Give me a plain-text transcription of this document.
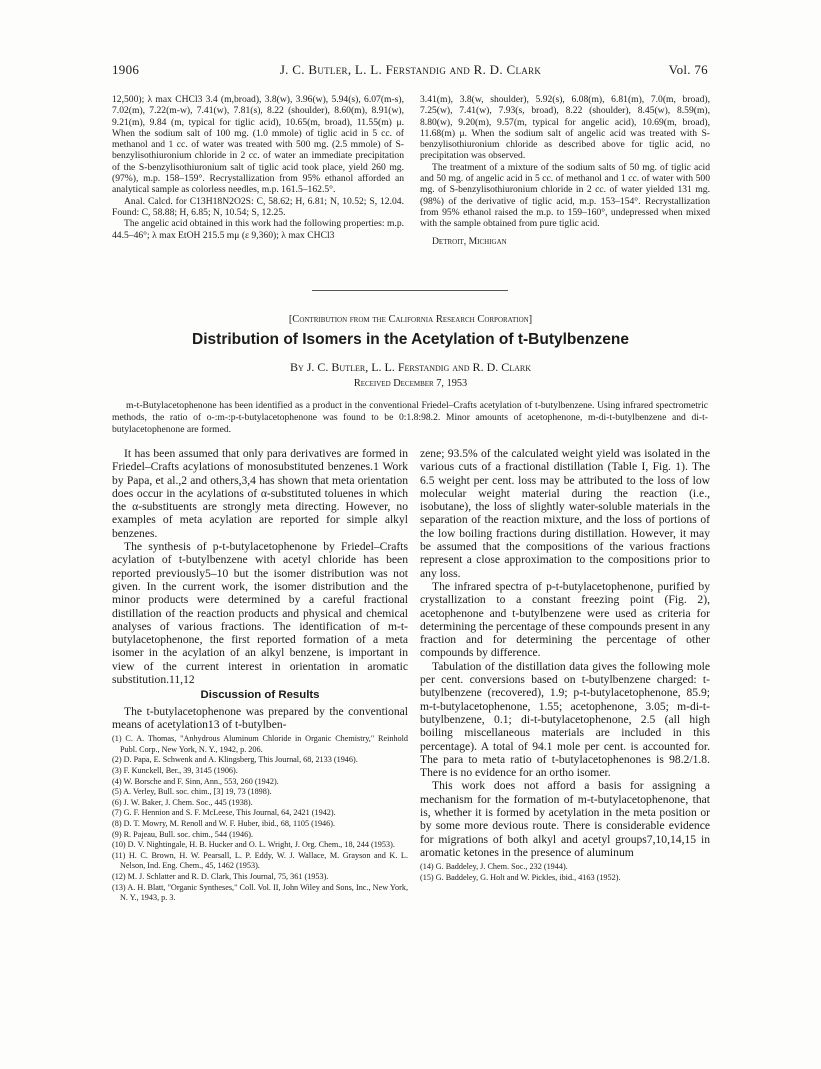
1906	J. C. Butler, L. L. Ferstandig and R. D. Clark	Vol. 76

12,500); λ max CHCl3 3.4 (m,broad), 3.8(w), 3.96(w), 5.94(s), 6.07(m-s), 7.02(m), 7.22(m-w), 7.41(w), 7.81(s), 8.22 (shoulder), 8.60(m), 8.91(w), 9.21(m), 9.84 (m, typical for tiglic acid), 10.65(m, broad), 11.55(m) μ. When the sodium salt of 100 mg. (1.0 mmole) of tiglic acid in 5 cc. of methanol and 1 cc. of water was treated with 500 mg. (2.5 mmole) of S-benzylisothiuronium chloride in 2 cc. of water an immediate precipitation of the S-benzylisothiuronium salt of tiglic acid took place, yield 260 mg. (97%), m.p. 158–159°. Recrystallization from 95% ethanol afforded an analytical sample as colorless needles, m.p. 161.5–162.5°.

Anal. Calcd. for C13H18N2O2S: C, 58.62; H, 6.81; N, 10.52; S, 12.04. Found: C, 58.88; H, 6.85; N, 10.54; S, 12.25.

The angelic acid obtained in this work had the following properties: m.p. 44.5–46°; λ max EtOH 215.5 mμ (ε 9,360); λ max CHCl3

3.41(m), 3.8(w, shoulder), 5.92(s), 6.08(m), 6.81(m), 7.0(m, broad), 7.25(w), 7.41(w), 7.93(s, broad), 8.22 (shoulder), 8.45(w), 8.59(m), 8.80(w), 9.20(m), 9.57(m, typical for angelic acid), 10.69(m, broad), 11.68(m) μ. When the sodium salt of angelic acid was treated with S-benzylisothiuronium chloride as described above for tiglic acid, no precipitation was observed.

The treatment of a mixture of the sodium salts of 50 mg. of tiglic acid and 50 mg. of angelic acid in 5 cc. of methanol and 1 cc. of water with 500 mg. of S-benzylisothiuronium chloride in 2 cc. of water yielded 131 mg. (98%) of the derivative of tiglic acid, m.p. 153–154°. Recrystallization from 95% ethanol raised the m.p. to 159–160°, undepressed when mixed with the sample obtained from pure tiglic acid.

Detroit, Michigan

[Contribution from the California Research Corporation]
Distribution of Isomers in the Acetylation of t-Butylbenzene
By J. C. Butler, L. L. Ferstandig and R. D. Clark
Received December 7, 1953
m-t-Butylacetophenone has been identified as a product in the conventional Friedel–Crafts acetylation of t-butylbenzene. Using infrared spectrometric methods, the ratio of o-:m-:p-t-butylacetophenone was found to be 0:1.8:98.2. Minor amounts of acetophenone, m-di-t-butylbenzene and di-t-butylacetophenone are formed.

It has been assumed that only para derivatives are formed in Friedel–Crafts acylations of monosubstituted benzenes.1 Work by Papa, et al.,2 and others,3,4 has shown that meta orientation does occur in the acylations of α-substituted toluenes in which the α-substituents are strongly meta directing. However, no examples of meta acylation are reported for simple alkyl benzenes.

The synthesis of p-t-butylacetophenone by Friedel–Crafts acylation of t-butylbenzene with acetyl chloride has been reported previously5–10 but the isomer distribution was not given. In the current work, the isomer distribution and the minor products were determined by a careful fractional distillation of the reaction products and physical and chemical analyses of various fractions. The identification of m-t-butylacetophenone, the first reported formation of a meta isomer in the acylation of an alkyl benzene, is important in view of the current interest in orientation in aromatic substitution.11,12

Discussion of Results

The t-butylacetophenone was prepared by the conventional means of acetylation13 of t-butylben-

(1) C. A. Thomas, "Anhydrous Aluminum Chloride in Organic Chemistry," Reinhold Publ. Corp., New York, N. Y., 1942, p. 206.
(2) D. Papa, E. Schwenk and A. Klingsberg, This Journal, 68, 2133 (1946).
(3) F. Kunckell, Ber., 39, 3145 (1906).
(4) W. Borsche and F. Sinn, Ann., 553, 260 (1942).
(5) A. Verley, Bull. soc. chim., [3] 19, 73 (1898).
(6) J. W. Baker, J. Chem. Soc., 445 (1938).
(7) G. F. Hennion and S. F. McLeese, This Journal, 64, 2421 (1942).
(8) D. T. Mowry, M. Renoll and W. F. Huber, ibid., 68, 1105 (1946).
(9) R. Pajeau, Bull. soc. chim., 544 (1946).
(10) D. V. Nightingale, H. B. Hucker and O. L. Wright, J. Org. Chem., 18, 244 (1953).
(11) H. C. Brown, H. W. Pearsall, L. P. Eddy, W. J. Wallace, M. Grayson and K. L. Nelson, Ind. Eng. Chem., 45, 1462 (1953).
(12) M. J. Schlatter and R. D. Clark, This Journal, 75, 361 (1953).
(13) A. H. Blatt, "Organic Syntheses," Coll. Vol. II, John Wiley and Sons, Inc., New York, N. Y., 1943, p. 3.

zene; 93.5% of the calculated weight yield was isolated in the various cuts of a fractional distillation (Table I, Fig. 1). The 6.5 weight per cent. loss may be attributed to the loss of low molecular weight material during the reaction (i.e., isobutane), the loss of slightly water-soluble materials in the separation of the reaction mixture, and the loss of portions of the low boiling fractions during distillation. However, it may be assumed that the compositions of the various fractions represent a close approximation to the compositions prior to any loss.

The infrared spectra of p-t-butylacetophenone, purified by crystallization to a constant freezing point (Fig. 2), acetophenone and t-butylbenzene were used as criteria for determining the percentage of these compounds present in any fraction and for determining the percentage of other compounds by difference.

Tabulation of the distillation data gives the following mole per cent. conversions based on t-butylbenzene charged: t-butylbenzene (recovered), 1.9; p-t-butylacetophenone, 85.9; m-t-butylacetophenone, 1.55; acetophenone, 3.05; m-di-t-butylbenzene, 0.1; di-t-butylacetophenone, 2.5 (all high boiling miscellaneous materials are included in this percentage). A total of 94.1 mole per cent. is accounted for. The para to meta ratio of t-butylacetophenones is 98.2/1.8. There is no evidence for an ortho isomer.

This work does not afford a basis for assigning a mechanism for the formation of m-t-butylacetophenone, that is, whether it is formed by acetylation in the meta position or by some more devious route. There is considerable evidence for migrations of both alkyl and acetyl groups7,10,14,15 in aromatic ketones in the presence of aluminum

(14) G. Baddeley, J. Chem. Soc., 232 (1944).
(15) G. Baddeley, G. Holt and W. Pickles, ibid., 4163 (1952).
